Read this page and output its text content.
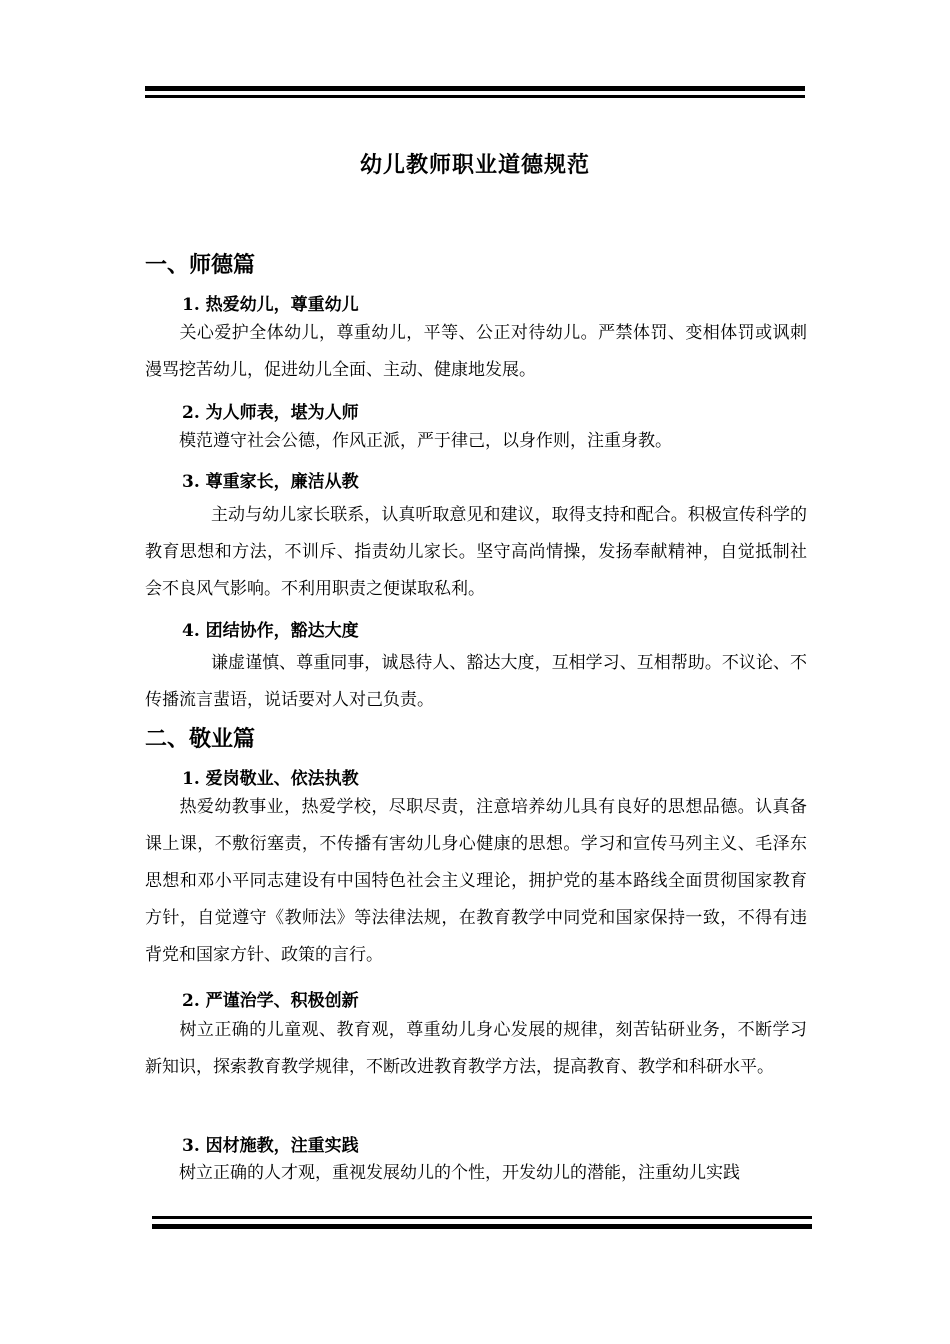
幼儿教师职业道德规范
一、师德篇
1. 热爱幼儿，尊重幼儿

关心爱护全体幼儿，尊重幼儿，平等、公正对待幼儿。严禁体罚、变相体罚或讽刺漫骂挖苦幼儿，促进幼儿全面、主动、健康地发展。

2. 为人师表，堪为人师

模范遵守社会公德，作风正派，严于律己，以身作则，注重身教。

3. 尊重家长，廉洁从教

主动与幼儿家长联系，认真听取意见和建议，取得支持和配合。积极宣传科学的教育思想和方法，不训斥、指责幼儿家长。坚守高尚情操，发扬奉献精神，自觉抵制社会不良风气影响。不利用职责之便谋取私利。

4. 团结协作，豁达大度

谦虚谨慎、尊重同事，诚恳待人、豁达大度，互相学习、互相帮助。不议论、不传播流言蜚语，说话要对人对己负责。

二、敬业篇
1. 爱岗敬业、依法执教

热爱幼教事业，热爱学校，尽职尽责，注意培养幼儿具有良好的思想品德。认真备课上课，不敷衍塞责，不传播有害幼儿身心健康的思想。学习和宣传马列主义、毛泽东思想和邓小平同志建设有中国特色社会主义理论，拥护党的基本路线全面贯彻国家教育方针，自觉遵守《教师法》等法律法规，在教育教学中同党和国家保持一致，不得有违背党和国家方针、政策的言行。

2. 严谨治学、积极创新

树立正确的儿童观、教育观，尊重幼儿身心发展的规律，刻苦钻研业务，不断学习新知识，探索教育教学规律，不断改进教育教学方法，提高教育、教学和科研水平。

3. 因材施教，注重实践

树立正确的人才观，重视发展幼儿的个性，开发幼儿的潜能，注重幼儿实践
